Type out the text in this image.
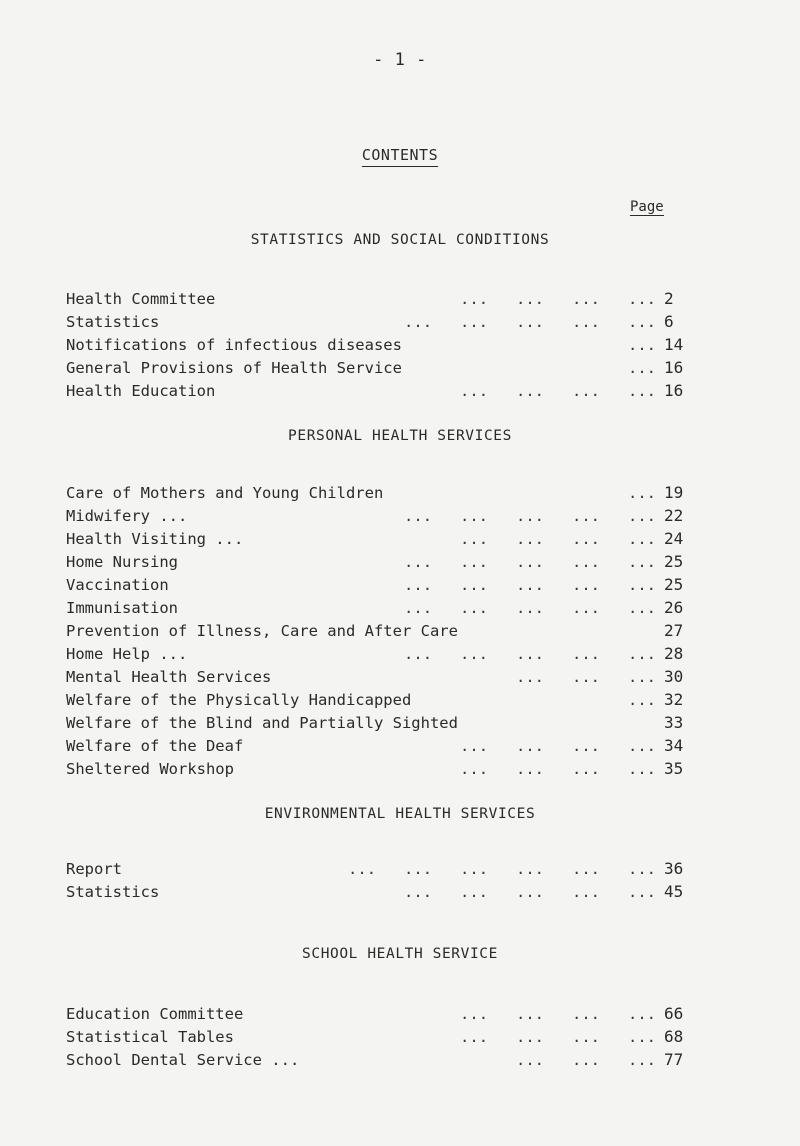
- 1 -
CONTENTS
STATISTICS AND SOCIAL CONDITIONS
Page
Health Committee	...   ...   ...   ... 2
Statistics	...   ...   ...   ...   ... 6
Notifications of infectious diseases	... 14
General Provisions of Health Service	... 16
Health Education	...   ...   ...   ... 16
PERSONAL HEALTH SERVICES
Care of Mothers and Young Children	... 19
Midwifery ...	...   ...   ...   ...   ... 22
Health Visiting ...	...   ...   ...   ... 24
Home Nursing	...   ...   ...   ...   ... 25
Vaccination	...   ...   ...   ...   ... 25
Immunisation	...   ...   ...   ...   ... 26
Prevention of Illness, Care and After Care	27
Home Help ...	...   ...   ...   ...   ... 28
Mental Health Services	...   ...   ... 30
Welfare of the Physically Handicapped	... 32
Welfare of the Blind and Partially Sighted	33
Welfare of the Deaf	...   ...   ...   ... 34
Sheltered Workshop	...   ...   ...   ... 35
ENVIRONMENTAL HEALTH SERVICES
Report	...   ...   ...   ...   ...   ... 36
Statistics	...   ...   ...   ...   ... 45
SCHOOL HEALTH SERVICE
Education Committee	...   ...   ...   ... 66
Statistical Tables	...   ...   ...   ... 68
School Dental Service ...	...   ...   ... 77
